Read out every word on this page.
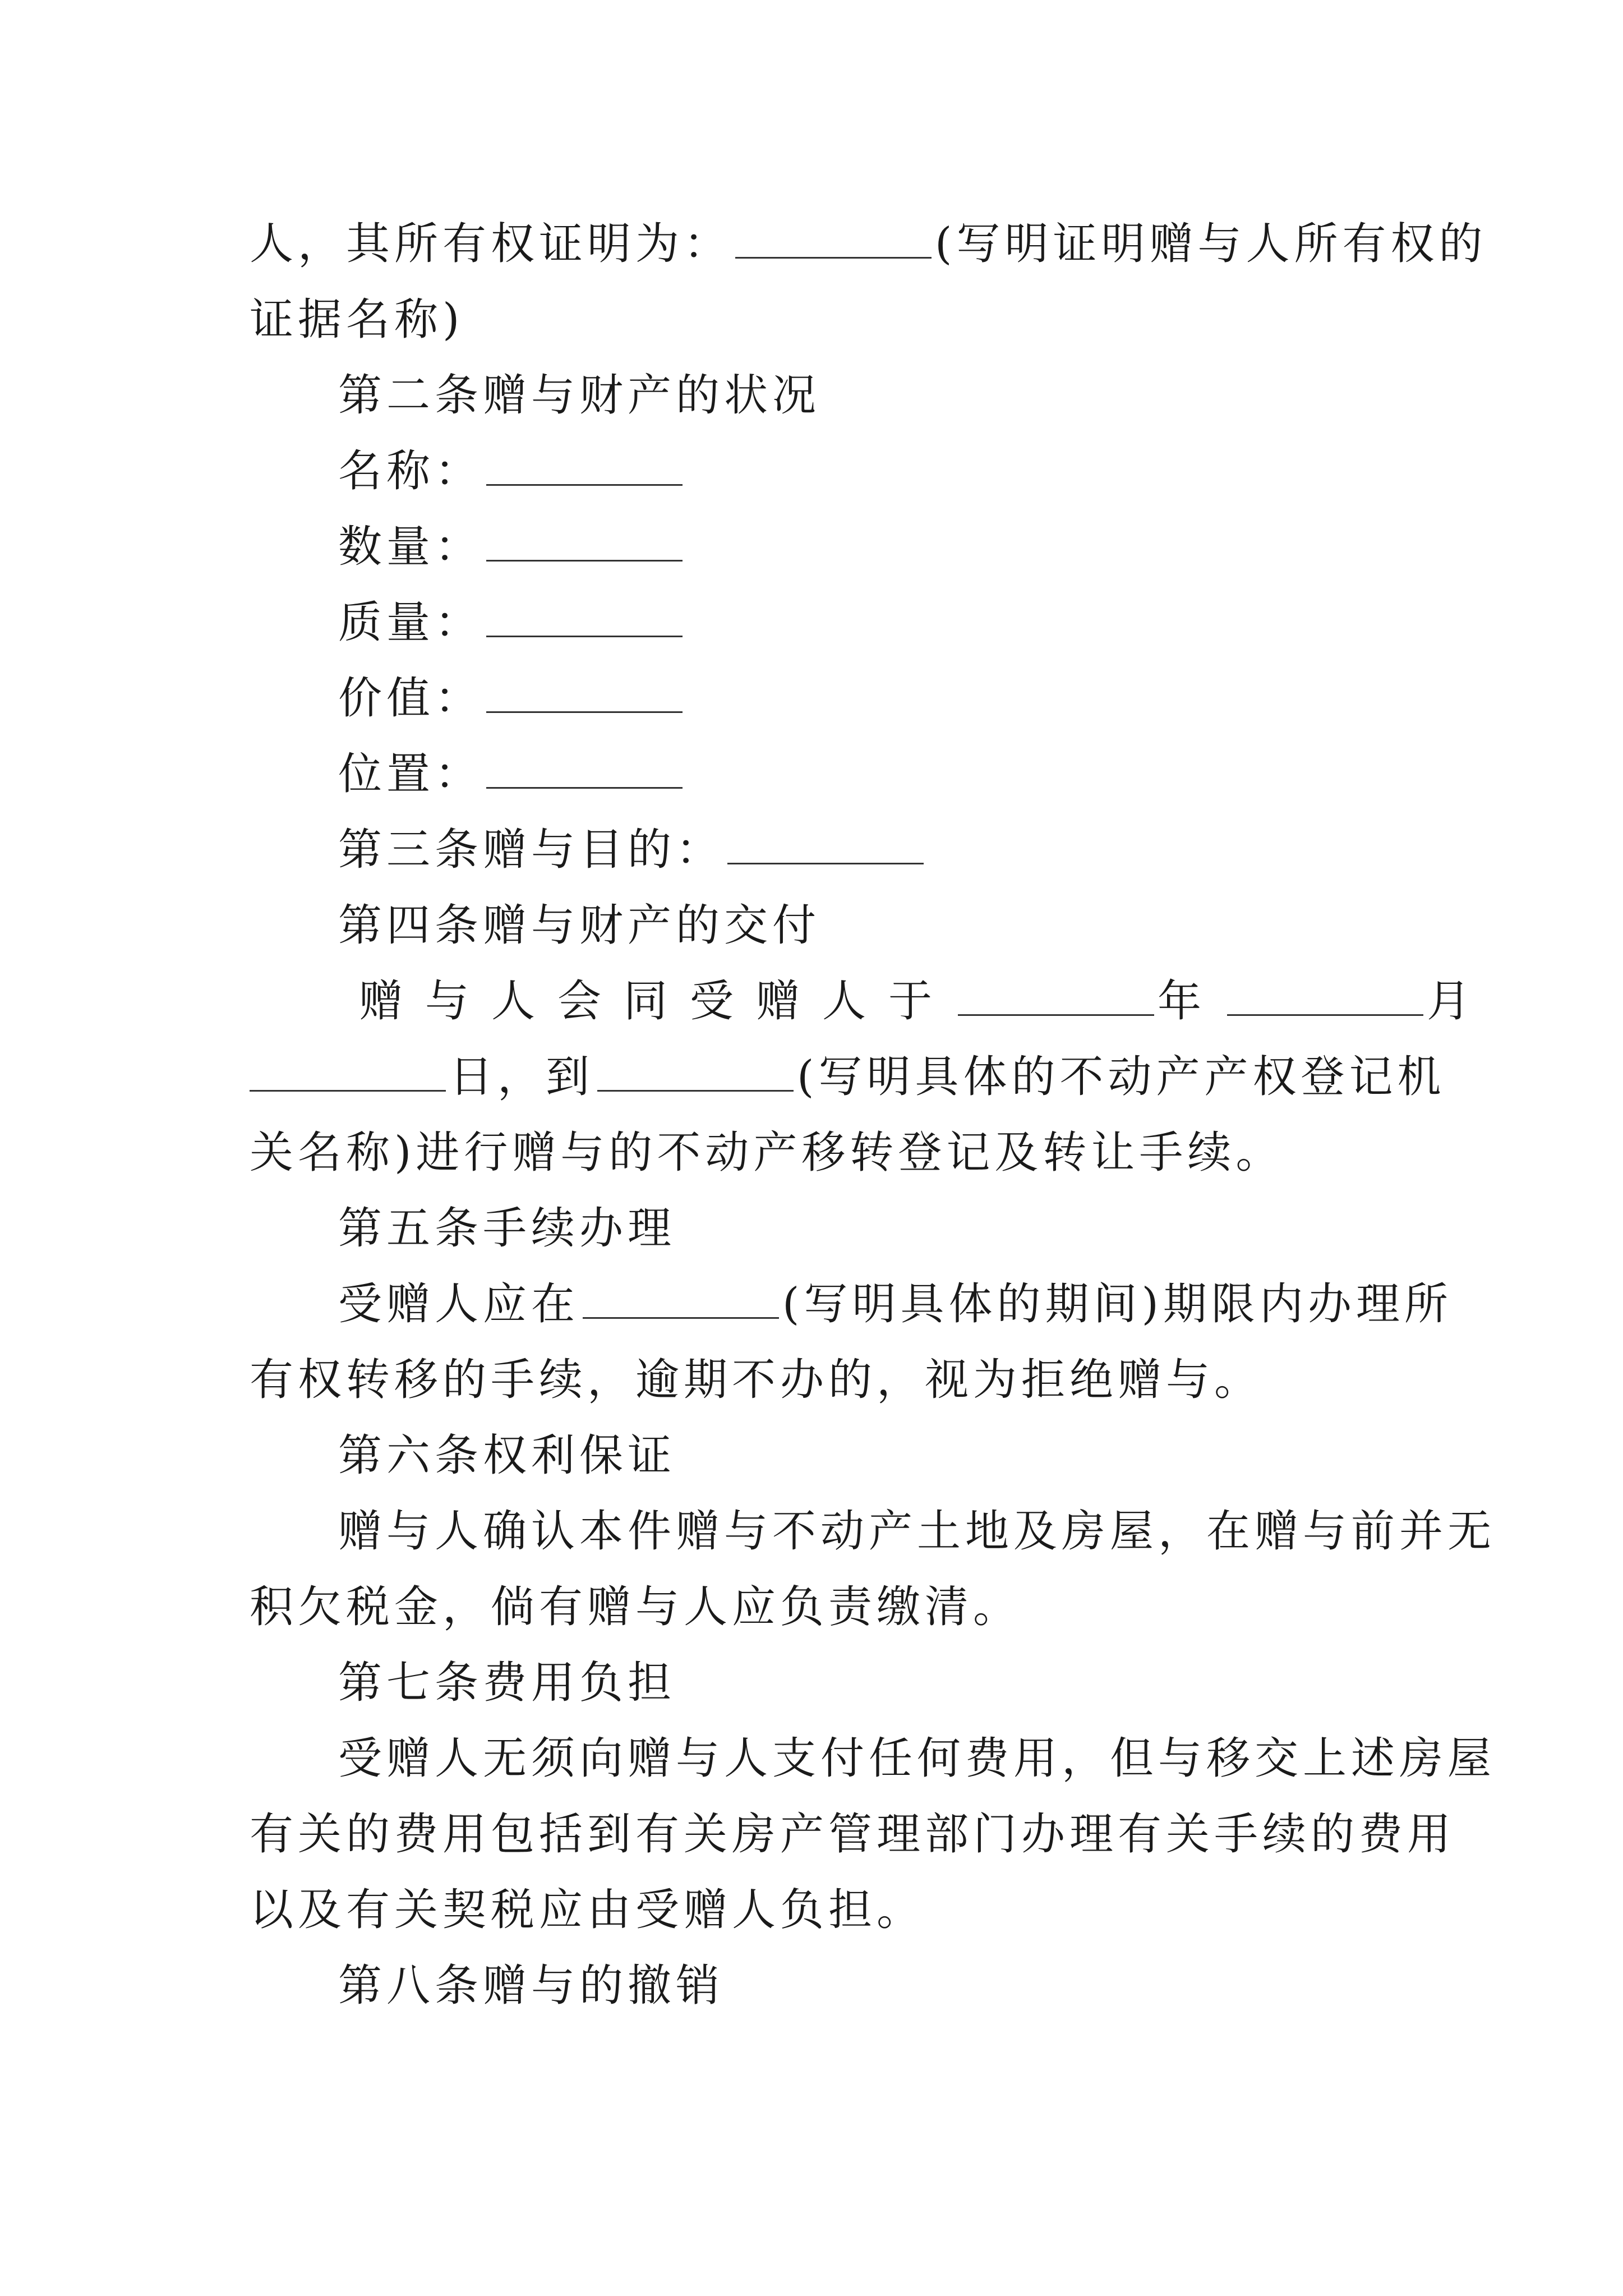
人，其所有权证明为：	(写明证明赠与人所有权的
证据名称)
第二条赠与财产的状况
名称：
数量：
质量：
价值：
位置：
第三条赠与目的：
第四条赠与财产的交付
赠与人会同受赠人于	年	月
日，到	(写明具体的不动产产权登记机
关名称)进行赠与的不动产移转登记及转让手续。
第五条手续办理
受赠人应在	(写明具体的期间)期限内办理所
有权转移的手续，逾期不办的，视为拒绝赠与。
第六条权利保证
赠与人确认本件赠与不动产土地及房屋，在赠与前并无
积欠税金，倘有赠与人应负责缴清。
第七条费用负担
受赠人无须向赠与人支付任何费用，但与移交上述房屋
有关的费用包括到有关房产管理部门办理有关手续的费用
以及有关契税应由受赠人负担。
第八条赠与的撤销
